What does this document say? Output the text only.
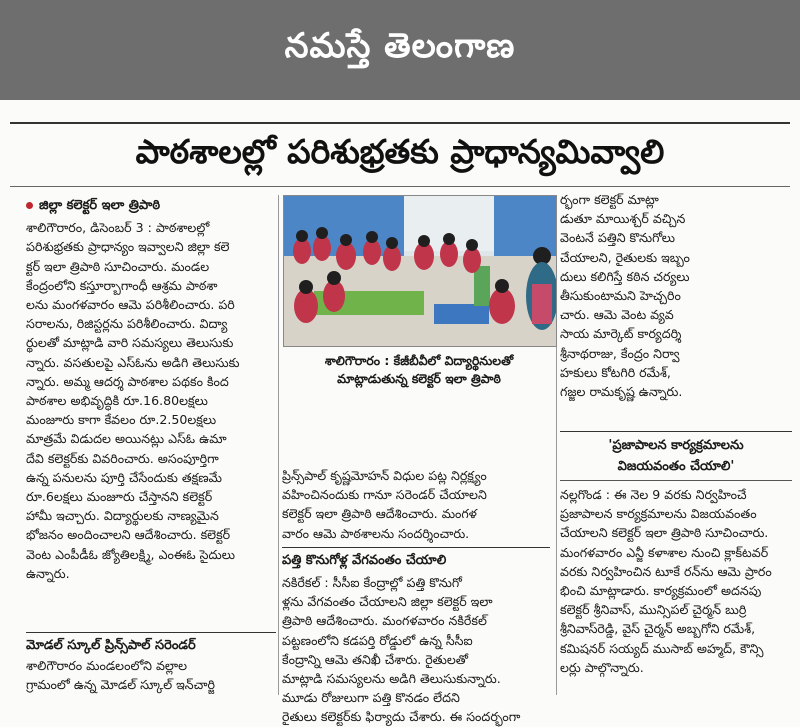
నమస్తే తెలంగాణ
పాఠశాలల్లో పరిశుభ్రతకు ప్రాధాన్యమివ్వాలి
జిల్లా కలెక్టర్ ఇలా త్రిపాఠి

శాలిగౌరారం, డిసెంబర్ 3 : పాఠశాలల్లో

పరిశుభ్రతకు ప్రాధాన్యం ఇవ్వాలని జిల్లా కలె

క్టర్ ఇలా త్రిపాఠి సూచించారు. మండల

కేంద్రంలోని కస్తూర్బాగాంధీ ఆశ్రమ పాఠశా

లను మంగళవారం ఆమె పరిశీలించారు. పరి

సరాలను, రిజిస్టర్లను పరిశీలించారు. విద్యా

ర్థులతో మాట్లాడి వారి సమస్యలు తెలుసుకు

న్నారు. వసతులపై ఎస్ఓను అడిగి తెలుసుకు

న్నారు. అమ్మ ఆదర్శ పాఠశాల పథకం కింద

పాఠశాల అభివృద్ధికి రూ.16.80లక్షలు

మంజూరు కాగా కేవలం రూ.2.50లక్షలు

మాత్రమే విడుదల అయినట్లు ఎస్ఓ ఉమా

దేవి కలెక్టర్‌కు వివరించారు. అసంపూర్తిగా

ఉన్న పనులను పూర్తి చేసేందుకు తక్షణమే

రూ.6లక్షలు మంజూరు చేస్తానని కలెక్టర్

హామీ ఇచ్చారు. విద్యార్థులకు నాణ్యమైన

భోజనం అందించాలని ఆదేశించారు. కలెక్టర్

వెంట ఎంపీడీఓ జ్యోతిలక్ష్మి, ఎంఈఓ సైదులు

ఉన్నారు.

మోడల్ స్కూల్ ప్రిన్స్‌పాల్ సరెండర్

శాలిగౌరారం మండలంలోని వల్లాల

గ్రామంలో ఉన్న మోడల్ స్కూల్ ఇన్‌చార్జి

శాలిగౌరారం : కేజీబీవీలో విద్యార్థినులతో మాట్లాడుతున్న కలెక్టర్ ఇలా త్రిపాఠి

ప్రిన్స్‌పాల్ కృష్ణమోహన్ విధుల పట్ల నిర్లక్ష్యం

వహించినందుకు గానూ సరెండర్ చేయాలని

కలెక్టర్ ఇలా త్రిపాఠి ఆదేశించారు. మంగళ

వారం ఆమె పాఠశాలను సందర్శించారు.

పత్తి కొనుగోళ్ల వేగవంతం చేయాలి

నకిరేకల్ : సీసీఐ కేంద్రాల్లో పత్తి కొనుగో

ళ్లను వేగవంతం చేయాలని జిల్లా కలెక్టర్ ఇలా

త్రిపాఠి ఆదేశించారు. మంగళవారం నకిరేకల్

పట్టణంలోని కడపర్తి రోడ్డులో ఉన్న సీసీఐ

కేంద్రాన్ని ఆమె తనిఖీ చేశారు. రైతులతో

మాట్లాడి సమస్యలను అడిగి తెలుసుకున్నారు.

మూడు రోజులుగా పత్తి కొనడం లేదని

రైతులు కలెక్టర్‌కు ఫిర్యాదు చేశారు. ఈ సందర్భంగా

ర్భంగా కలెక్టర్ మాట్లా

డుతూ మాయిశ్చర్ వచ్చిన

వెంటనే పత్తిని కొనుగోలు

చేయాలని, రైతులకు ఇబ్బం

దులు కలిగిస్తే కఠిన చర్యలు

తీసుకుంటామని హెచ్చరిం

చారు. ఆమె వెంట వ్యవ

సాయ మార్కెట్ కార్యదర్శి

శ్రీనాథరాజు, కేంద్రం నిర్వా

హకులు కోటగిరి రమేశ్,

గజ్జల రామకృష్ణ ఉన్నారు.

'ప్రజాపాలన కార్యక్రమాలను
విజయవంతం చేయాలి'

నల్లగొండ : ఈ నెల 9 వరకు నిర్వహించే

ప్రజాపాలన కార్యక్రమాలను విజయవంతం

చేయాలని కలెక్టర్ ఇలా త్రిపాఠి సూచించారు.

మంగళవారం ఎన్జీ కళాశాల నుంచి క్లాక్‌టవర్

వరకు నిర్వహించిన టూకే రన్‌ను ఆమె ప్రారం

భించి మాట్లాడారు. కార్యక్రమంలో అదనపు

కలెక్టర్ శ్రీనివాస్, మున్సిపల్ చైర్మన్ బుర్రి

శ్రీనివాస్‌రెడ్డి, వైస్ చైర్మన్ అబ్బగోని రమేశ్,

కమిషనర్ సయ్యద్ ముసాబ్ అహ్మద్, కౌన్సి

లర్లు పాల్గొన్నారు.
